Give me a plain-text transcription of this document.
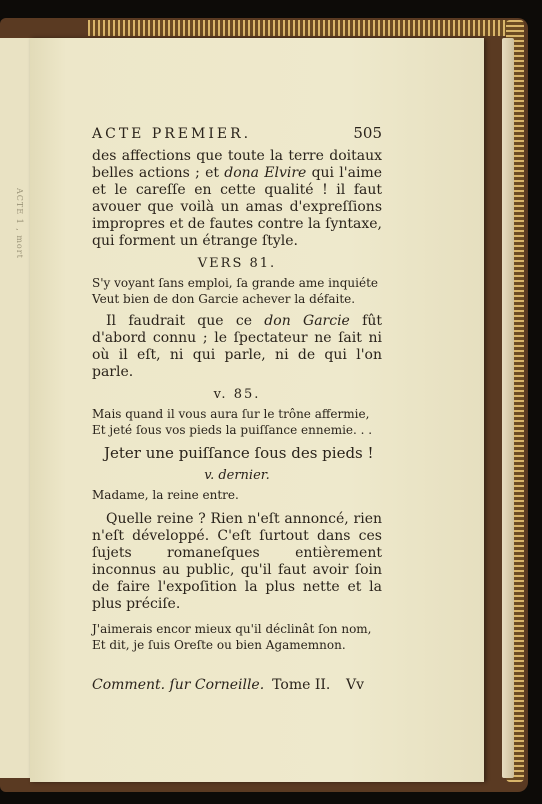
ACTE 1 , mort
ACTE PREMIER.	505

des affections que toute la terre doitaux belles actions ; et dona Elvire qui l'aime et le careſſe en cette qualité ! il faut avouer que voilà un amas d'expreſſions impropres et de fautes contre la ſyntaxe, qui forment un étrange ſtyle.

VERS 81.

S'y voyant ſans emploi, ſa grande ame inquiéte

Veut bien de don Garcie achever la défaite.

Il faudrait que ce don Garcie fût d'abord connu ; le ſpectateur ne ſait ni où il eſt, ni qui parle, ni de qui l'on parle.

v. 85.

Mais quand il vous aura ſur le trône affermie,

Et jeté ſous vos pieds la puiſſance ennemie. . .

Jeter une puiſſance ſous des pieds !

v. dernier.

Madame, la reine entre.

Quelle reine ? Rien n'eſt annoncé, rien n'eſt développé. C'eſt ſurtout dans ces ſujets romaneſques entièrement inconnus au public, qu'il faut avoir ſoin de faire l'expoſition la plus nette et la plus préciſe.

J'aimerais encor mieux qu'il déclinât ſon nom,

Et dit, je ſuis Oreſte ou bien Agamemnon.

Comment. ſur Corneille. Tome II. Vv
